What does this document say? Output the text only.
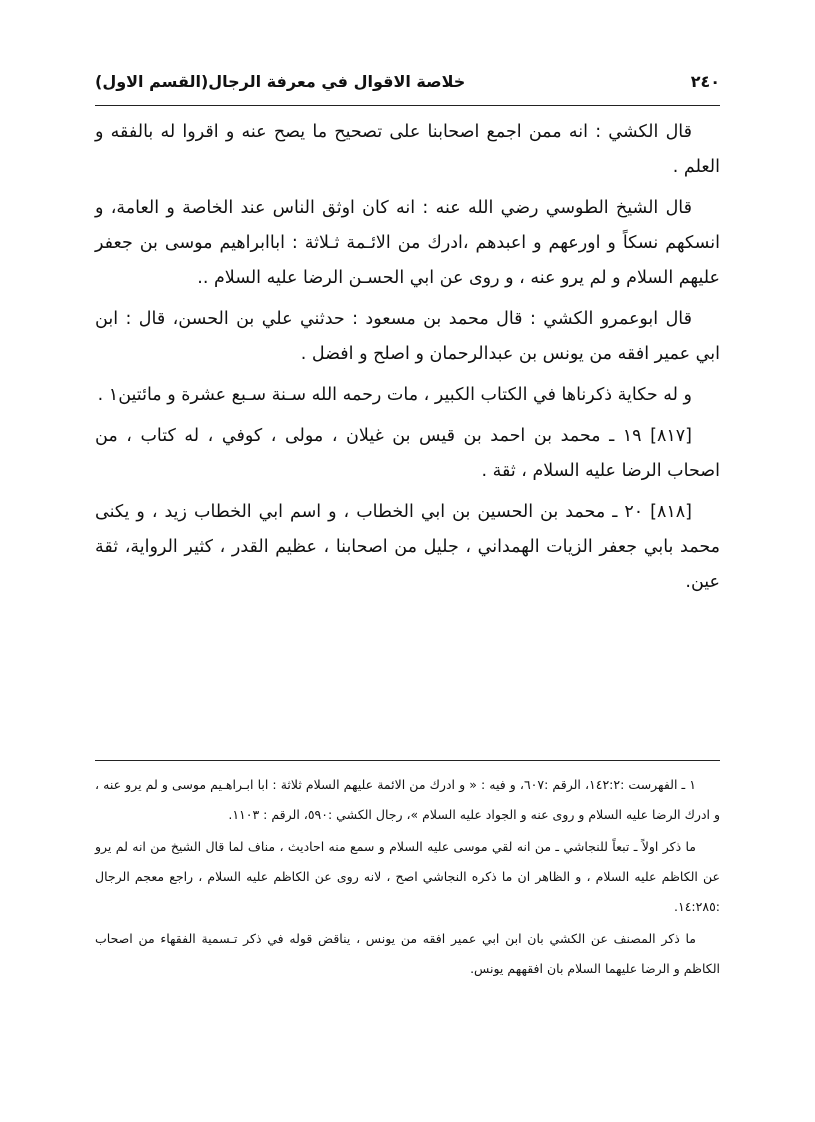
٢٤٠
خلاصة الاقوال في معرفة الرجال(القسم الاول)

قال الكشي : انه ممن اجمع اصحابنا على تصحيح ما يصح عنه و اقروا له بالفقه و العلم .

قال الشيخ الطوسي رضي الله عنه : انه كان اوثق الناس عند الخاصة و العامة، و انسكهم نسكاً و اورعهم و اعبدهم ،ادرك من الائـمة ثـلاثة : اباابراهيم موسى بن جعفر عليهم السلام و لم يرو عنه ، و روى عن ابي الحسـن الرضا عليه السلام ..

قال ابوعمرو الكشي : قال محمد بن مسعود : حدثني علي بن الحسن، قال : ابن ابي عمير افقه من يونس بن عبدالرحمان و اصلح و افضل .

و له حكاية ذكرناها في الكتاب الكبير ، مات رحمه الله سـنة سـبع عشرة و مائتين١ .

[٨١٧] ١٩ ـ محمد بن احمد بن قيس بن غيلان ، مولى ، كوفي ، له كتاب ، من اصحاب الرضا عليه السلام ، ثقة .

[٨١٨] ٢٠ ـ محمد بن الحسين بن ابي الخطاب ، و اسم ابي الخطاب زيد ، و يكنى محمد بابي جعفر الزيات الهمداني ، جليل من اصحابنا ، عظيم القدر ، كثير الرواية، ثقة عين.

١ ـ الفهرست :١٤٢:٢، الرقم :٦٠٧، و فيه : « و ادرك من الائمة عليهم السلام ثلاثة : ابا ابـراهـيم موسى و لم يرو عنه ، و ادرك الرضا عليه السلام و روى عنه و الجواد عليه السلام »، رجال الكشي :٥٩٠، الرقم : ١١٠٣.

ما ذكر اولاً ـ تبعاً للنجاشي ـ من انه لقي موسى عليه السلام و سمع منه احاديث ، مناف لما قال الشيخ من انه لم يرو عن الكاظم عليه السلام ، و الظاهر ان ما ذكره النجاشي اصح ، لانه روى عن الكاظم عليه السلام ، راجع معجم الرجال :١٤:٢٨٥.

ما ذكر المصنف عن الكشي بان ابن ابي عمير افقه من يونس ، يناقض قوله في ذكر تـسمية الفقهاء من اصحاب الكاظم و الرضا عليهما السلام بان افقههم يونس.
